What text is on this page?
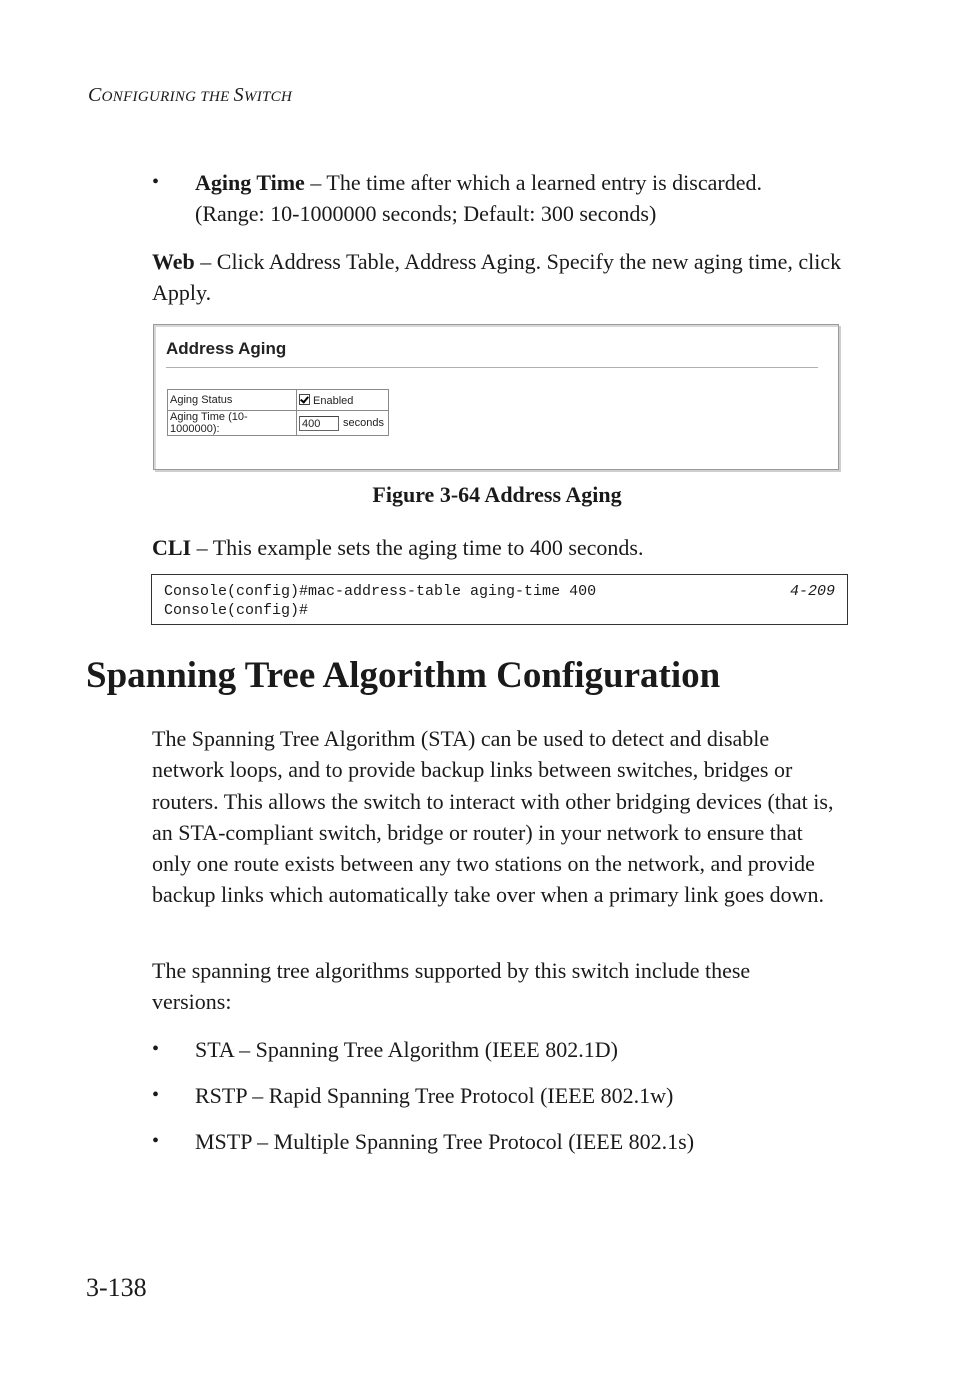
CONFIGURING THE SWITCH
• Aging Time – The time after which a learned entry is discarded. (Range: 10-1000000 seconds; Default: 300 seconds)
Web – Click Address Table, Address Aging. Specify the new aging time, click Apply.
Address Aging
Aging Status	Enabled
Aging Time (10-1000000):	400 seconds
Figure 3-64 Address Aging
CLI – This example sets the aging time to 400 seconds.
Console(config)#mac-address-table aging-time 400	4-209
Console(config)#
Spanning Tree Algorithm Configuration
The Spanning Tree Algorithm (STA) can be used to detect and disable network loops, and to provide backup links between switches, bridges or routers. This allows the switch to interact with other bridging devices (that is, an STA-compliant switch, bridge or router) in your network to ensure that only one route exists between any two stations on the network, and provide backup links which automatically take over when a primary link goes down.
The spanning tree algorithms supported by this switch include these versions:
• STA – Spanning Tree Algorithm (IEEE 802.1D)
• RSTP – Rapid Spanning Tree Protocol (IEEE 802.1w)
• MSTP – Multiple Spanning Tree Protocol (IEEE 802.1s)
3-138
